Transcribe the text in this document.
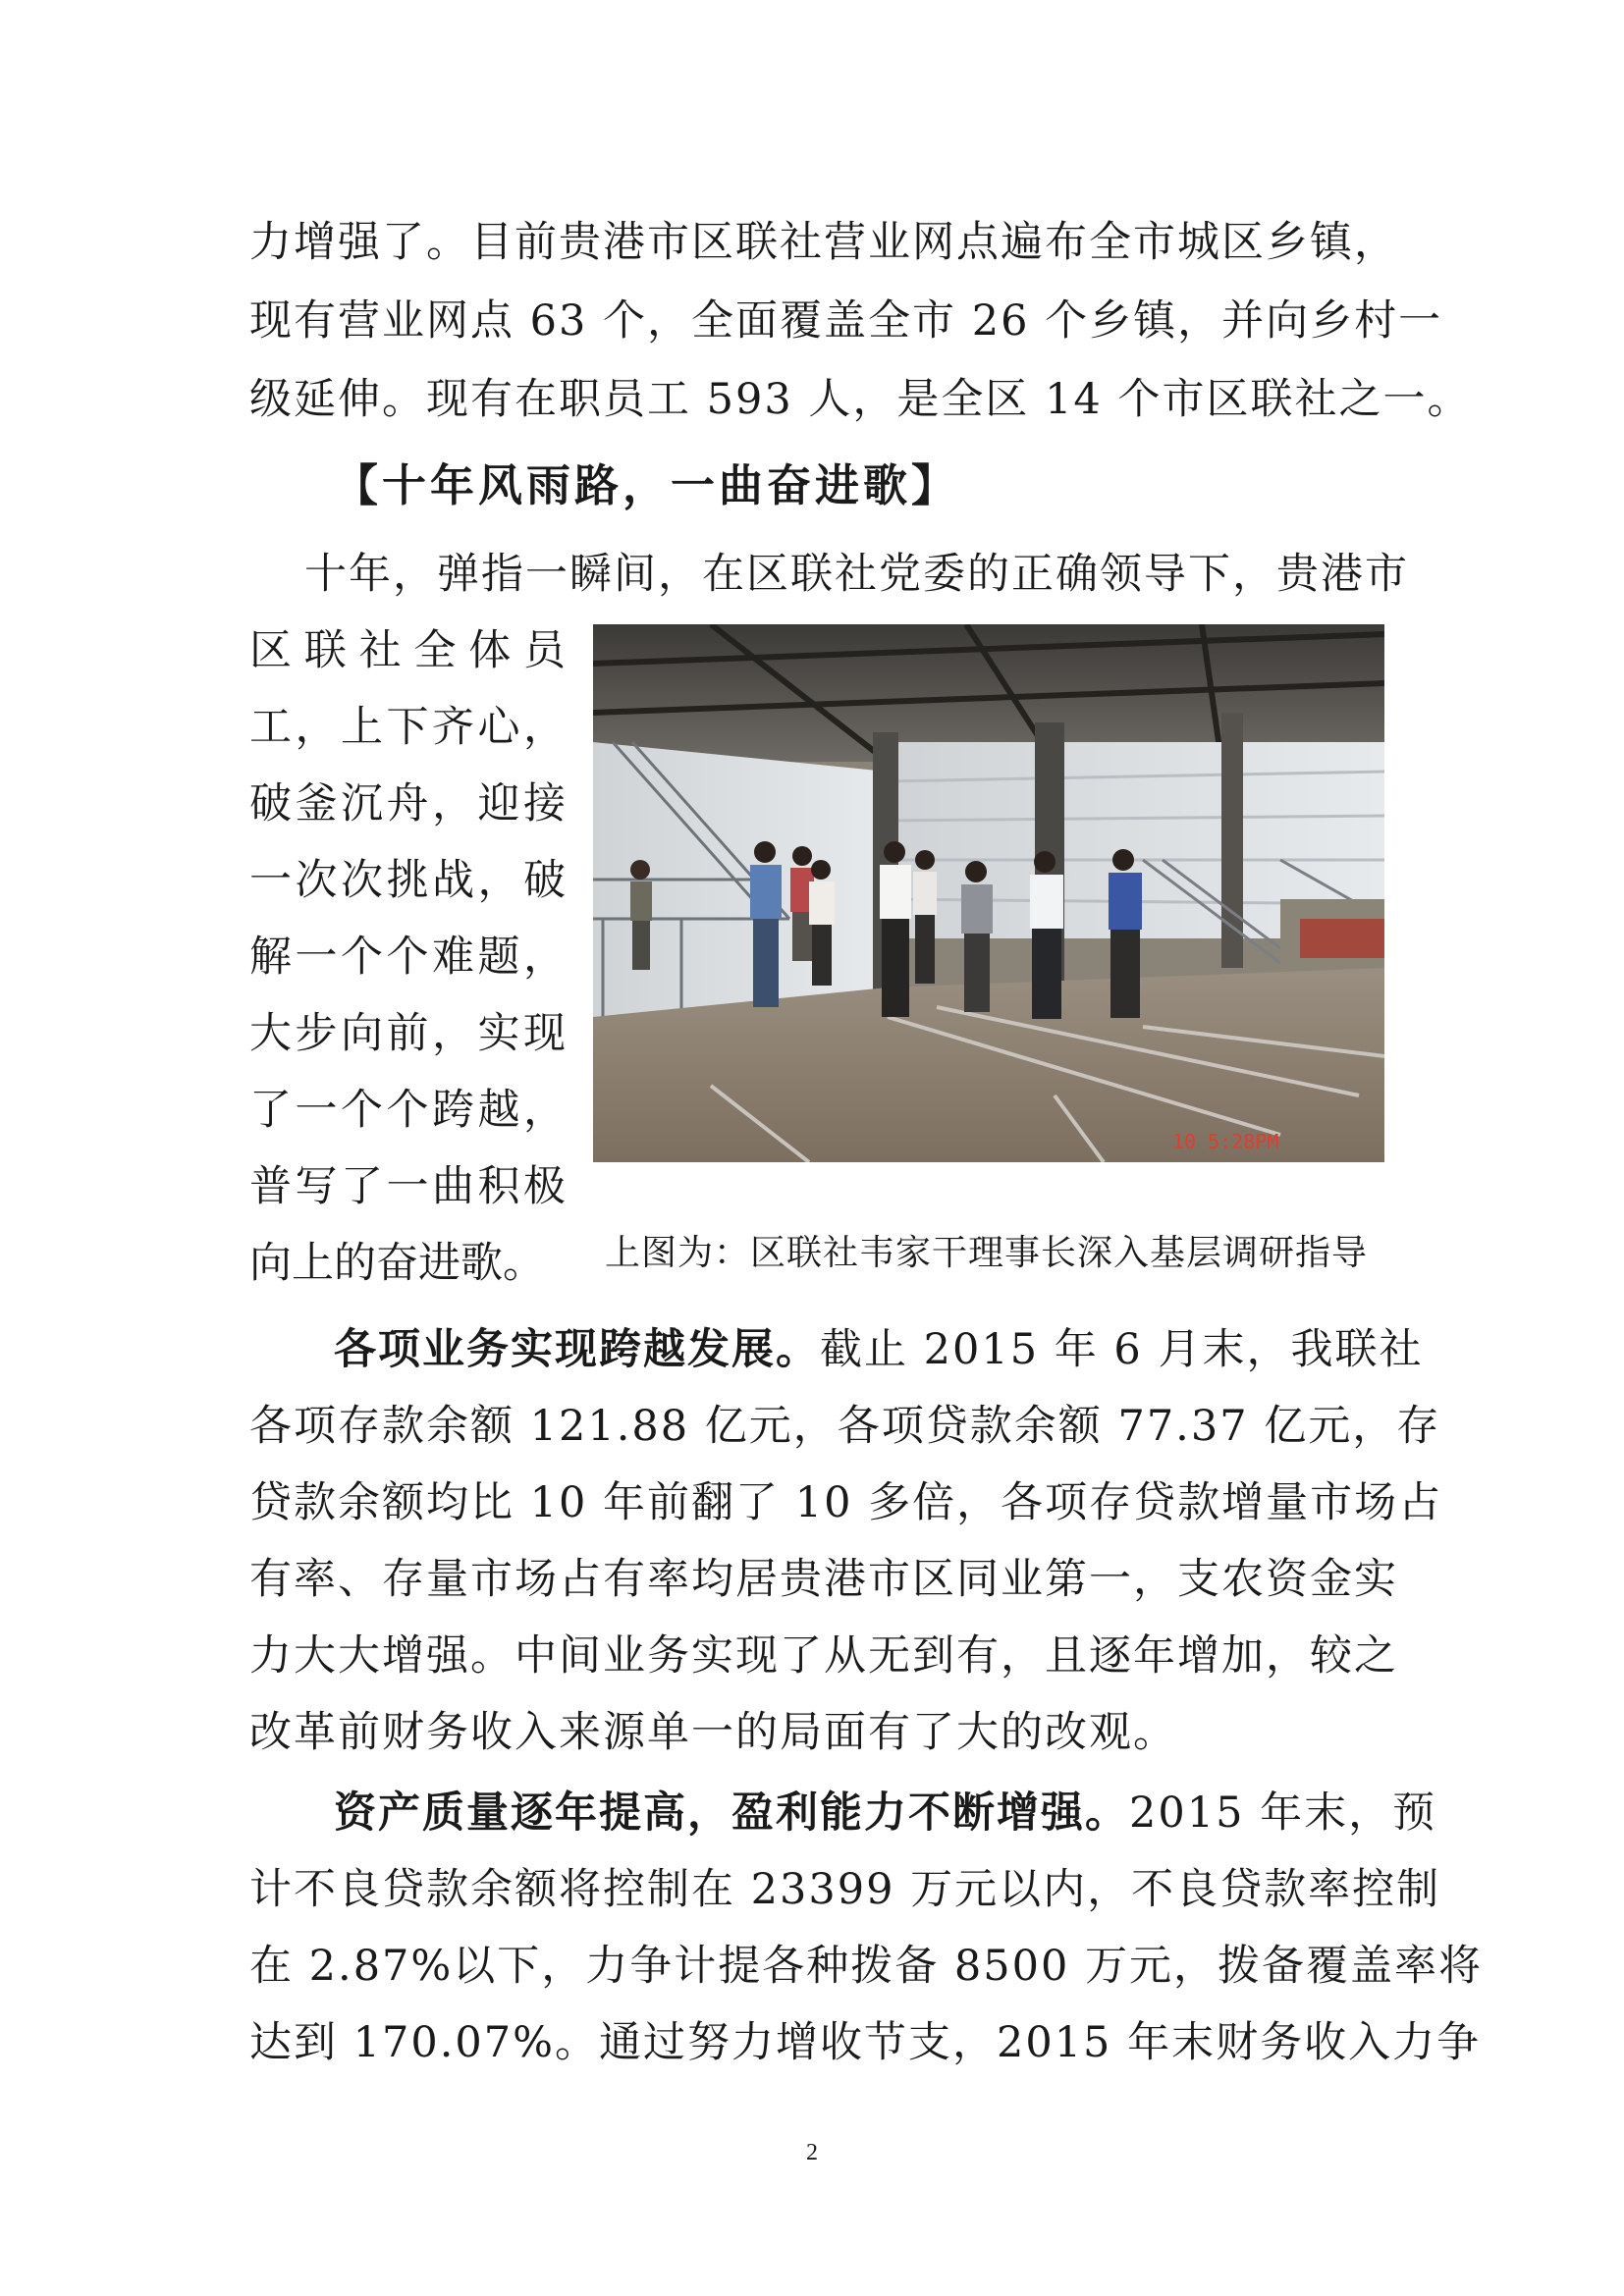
力增强了。目前贵港市区联社营业网点遍布全市城区乡镇，
现有营业网点 63 个，全面覆盖全市 26 个乡镇，并向乡村一
级延伸。现有在职员工 593 人，是全区 14 个市区联社之一。
【十年风雨路，一曲奋进歌】
十年，弹指一瞬间，在区联社党委的正确领导下，贵港市
区联社全体员
工，上下齐心，
破釜沉舟，迎接
一次次挑战，破
解一个个难题，
大步向前，实现
了一个个跨越，
普写了一曲积极
向上的奋进歌。
10 5:28PM
上图为：区联社韦家干理事长深入基层调研指导
各项业务实现跨越发展。截止 2015 年 6 月末，我联社
各项存款余额 121.88 亿元，各项贷款余额 77.37 亿元，存
贷款余额均比 10 年前翻了 10 多倍，各项存贷款增量市场占
有率、存量市场占有率均居贵港市区同业第一，支农资金实
力大大增强。中间业务实现了从无到有，且逐年增加，较之
改革前财务收入来源单一的局面有了大的改观。
资产质量逐年提高，盈利能力不断增强。2015 年末，预
计不良贷款余额将控制在 23399 万元以内，不良贷款率控制
在 2.87%以下，力争计提各种拨备 8500 万元，拨备覆盖率将
达到 170.07%。通过努力增收节支，2015 年末财务收入力争
2
